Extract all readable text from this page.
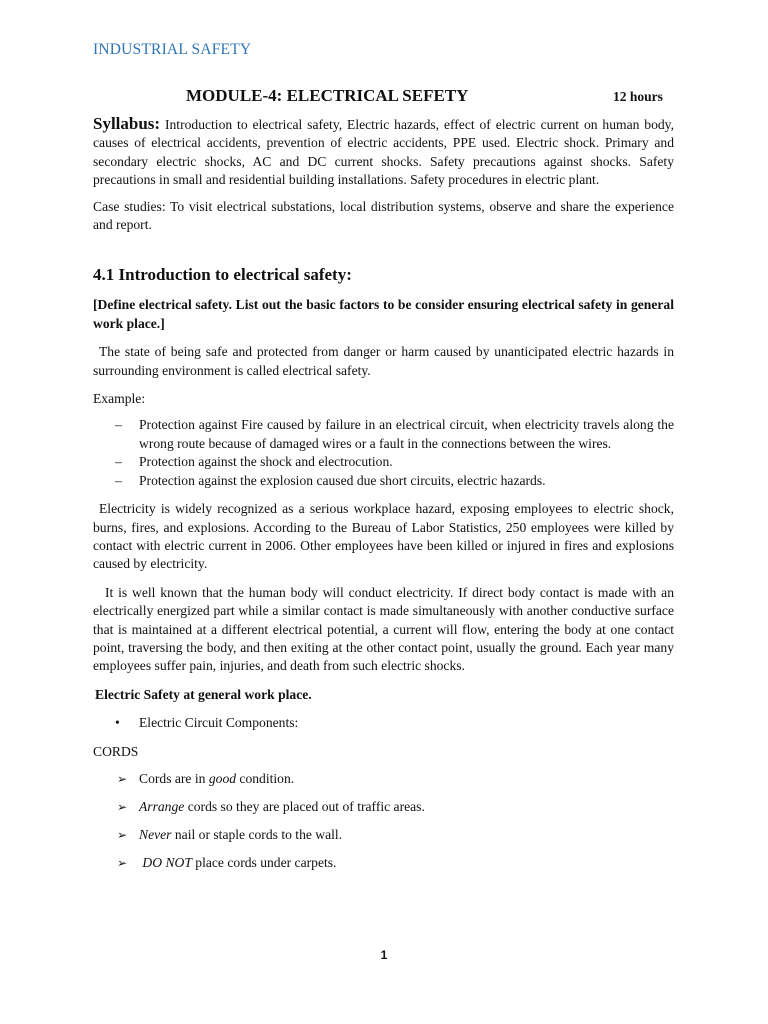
INDUSTRIAL SAFETY
MODULE-4: ELECTRICAL SEFETY	12 hours

Syllabus: Introduction to electrical safety, Electric hazards, effect of electric current on human body, causes of electrical accidents, prevention of electric accidents, PPE used. Electric shock. Primary and secondary electric shocks, AC and DC current shocks. Safety precautions against shocks. Safety precautions in small and residential building installations. Safety procedures in electric plant.

Case studies: To visit electrical substations, local distribution systems, observe and share the experience and report.

4.1 Introduction to electrical safety:

[Define electrical safety. List out the basic factors to be consider ensuring electrical safety in general work place.]

The state of being safe and protected from danger or harm caused by unanticipated electric hazards in surrounding environment is called electrical safety.

Example:

– Protection against Fire caused by failure in an electrical circuit, when electricity travels along the wrong route because of damaged wires or a fault in the connections between the wires.
– Protection against the shock and electrocution.
– Protection against the explosion caused due short circuits, electric hazards.

Electricity is widely recognized as a serious workplace hazard, exposing employees to electric shock, burns, fires, and explosions. According to the Bureau of Labor Statistics, 250 employees were killed by contact with electric current in 2006. Other employees have been killed or injured in fires and explosions caused by electricity.

It is well known that the human body will conduct electricity. If direct body contact is made with an electrically energized part while a similar contact is made simultaneously with another conductive surface that is maintained at a different electrical potential, a current will flow, entering the body at one contact point, traversing the body, and then exiting at the other contact point, usually the ground. Each year many employees suffer pain, injuries, and death from such electric shocks.

Electric Safety at general work place.

• Electric Circuit Components:

CORDS

➢ Cords are in good condition.
➢ Arrange cords so they are placed out of traffic areas.
➢ Never nail or staple cords to the wall.
➢ DO NOT place cords under carpets.
1
